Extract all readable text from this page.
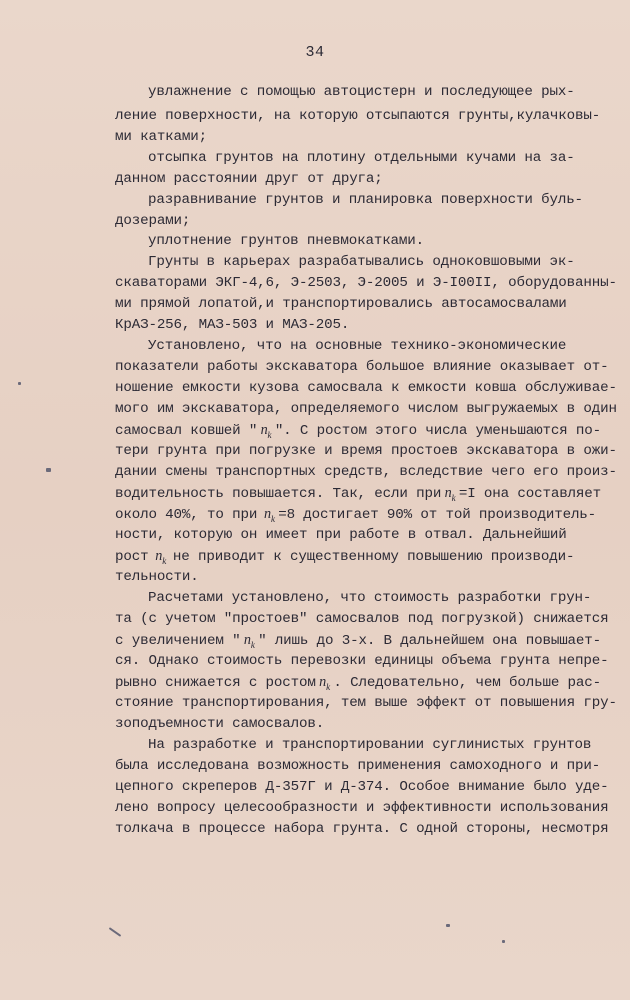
34
увлажнение с помощью автоцистерн и последующее рых-
ление поверхности, на которую отсыпаются грунты,кулачковы-
ми катками;
отсыпка грунтов на плотину отдельными кучами на за-
данном расстоянии друг от друга;
разравнивание грунтов и планировка поверхности буль-
дозерами;
уплотнение грунтов пневмокатками.
Грунты в карьерах разрабатывались одноковшовыми эк-
скаваторами ЭКГ-4,6, Э-2503, Э-2005 и Э-I00II, оборудованны-
ми прямой лопатой,и транспортировались автосамосвалами
КрАЗ-256, МАЗ-503 и МАЗ-205.
Установлено, что на основные технико-экономические
показатели работы экскаватора большое влияние оказывает от-
ношение емкости кузова самосвала к емкости ковша обслуживае-
мого им экскаватора, определяемого числом выгружаемых в один
самосвал ковшей " $n_k$ ". С ростом этого числа уменьшаются по-
тери грунта при погрузке и время простоев экскаватора в ожи-
дании смены транспортных средств, вследствие чего его произ-
водительность повышается. Так, если при $n_k =I$ она составляет
около 40%, то при $n_k =8$ достигает 90% от той производитель-
ности, которую он имеет при работе в отвал. Дальнейший
рост $n_k$ не приводит к существенному повышению производи-
тельности.
Расчетами установлено, что стоимость разработки грун-
та (с учетом "простоев" самосвалов под погрузкой) снижается
с увеличением " $n_k$ " лишь до 3-х. В дальнейшем она повышает-
ся. Однако стоимость перевозки единицы объема грунта непре-
рывно снижается с ростом $n_k$ . Следовательно, чем больше рас-
стояние транспортирования, тем выше эффект от повышения гру-
зоподъемности самосвалов.
На разработке и транспортировании суглинистых грунтов
была исследована возможность применения самоходного и при-
цепного скреперов Д-357Г и Д-374. Особое внимание было уде-
лено вопросу целесообразности и эффективности использования
толкача в процессе набора грунта. С одной стороны, несмотря
